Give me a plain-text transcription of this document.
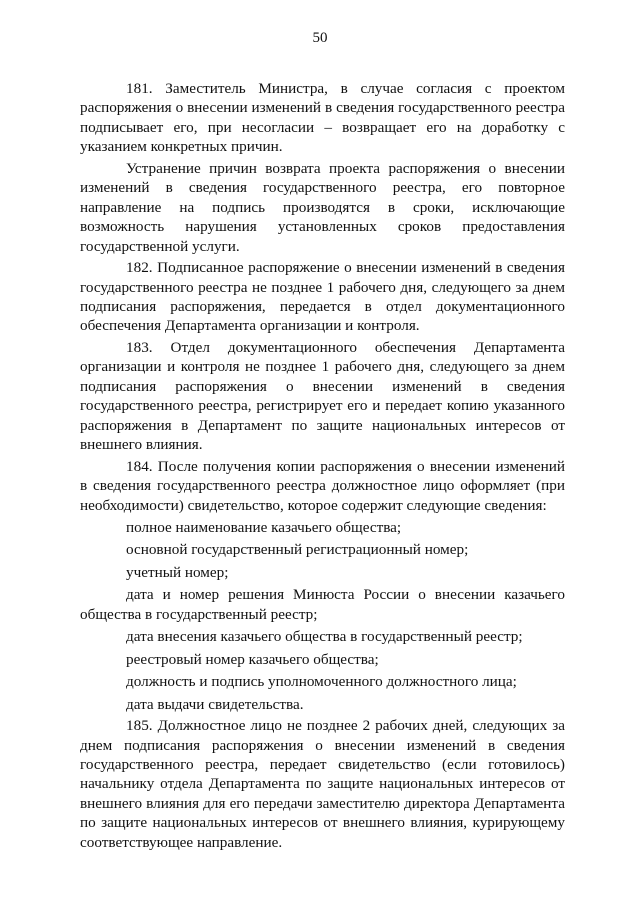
50

181. Заместитель Министра, в случае согласия с проектом распоряжения о внесении изменений в сведения государственного реестра подписывает его, при несогласии – возвращает его на доработку с указанием конкретных причин.

Устранение причин возврата проекта распоряжения о внесении изменений в сведения государственного реестра, его повторное направление на подпись производятся в сроки, исключающие возможность нарушения установленных сроков предоставления государственной услуги.

182. Подписанное распоряжение о внесении изменений в сведения государственного реестра не позднее 1 рабочего дня, следующего за днем подписания распоряжения, передается в отдел документационного обеспечения Департамента организации и контроля.

183. Отдел документационного обеспечения Департамента организации и контроля не позднее 1 рабочего дня, следующего за днем подписания распоряжения о внесении изменений в сведения государственного реестра, регистрирует его и передает копию указанного распоряжения в Департамент по защите национальных интересов от внешнего влияния.

184. После получения копии распоряжения о внесении изменений в сведения государственного реестра должностное лицо оформляет (при необходимости) свидетельство, которое содержит следующие сведения:

полное наименование казачьего общества;

основной государственный регистрационный номер;

учетный номер;

дата и номер решения Минюста России о внесении казачьего общества в государственный реестр;

дата внесения казачьего общества в государственный реестр;

реестровый номер казачьего общества;

должность и подпись уполномоченного должностного лица;

дата выдачи свидетельства.

185. Должностное лицо не позднее 2 рабочих дней, следующих за днем подписания распоряжения о внесении изменений в сведения государственного реестра, передает свидетельство (если готовилось) начальнику отдела Департамента по защите национальных интересов от внешнего влияния для его передачи заместителю директора Департамента по защите национальных интересов от внешнего влияния, курирующему соответствующее направление.
